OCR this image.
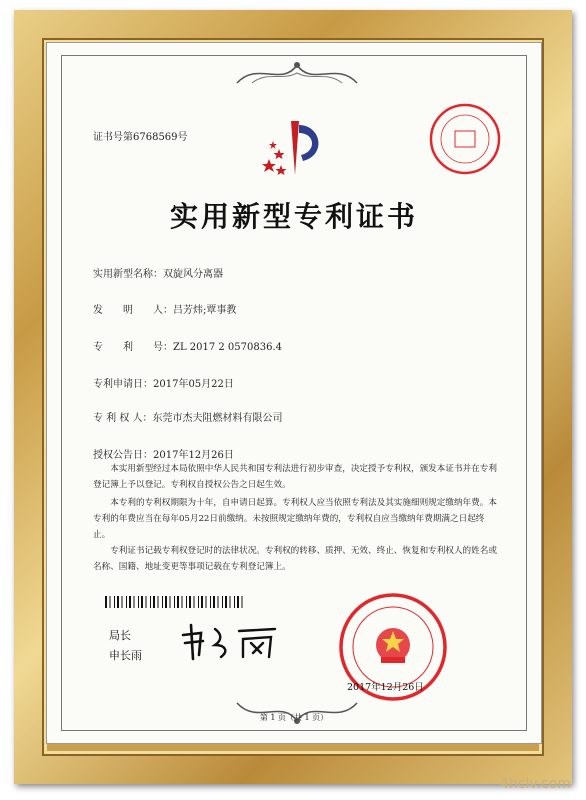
证书号第6768569号
实用新型专利证书
实用新型名称：双旋风分离器
发　　明　　人：吕芳炜;覃事教
专　　利　　号：ZL 2017 2 0570836.4
专利申请日：2017年05月22日
专 利 权 人：东莞市杰夫阻燃材料有限公司
授权公告日：2017年12月26日
　　本实用新型经过本局依照中华人民共和国专利法进行初步审查，决定授予专利权，颁发本证书并在专利登记簿上予以登记。专利权自授权公告之日起生效。
　　本专利的专利权期限为十年，自申请日起算。专利权人应当依照专利法及其实施细则规定缴纳年费。本专利的年费应当在每年05月22日前缴纳。未按照规定缴纳年费的，专利权自应当缴纳年费期满之日起终止。
　　专利证书记载专利权登记时的法律状况。专利权的转移、质押、无效、终止、恢复和专利权人的姓名或名称、国籍、地址变更等事项记载在专利登记簿上。
局长
申长雨
2017年12月26日
第 1 页（共 1 页）
4hclv.com
